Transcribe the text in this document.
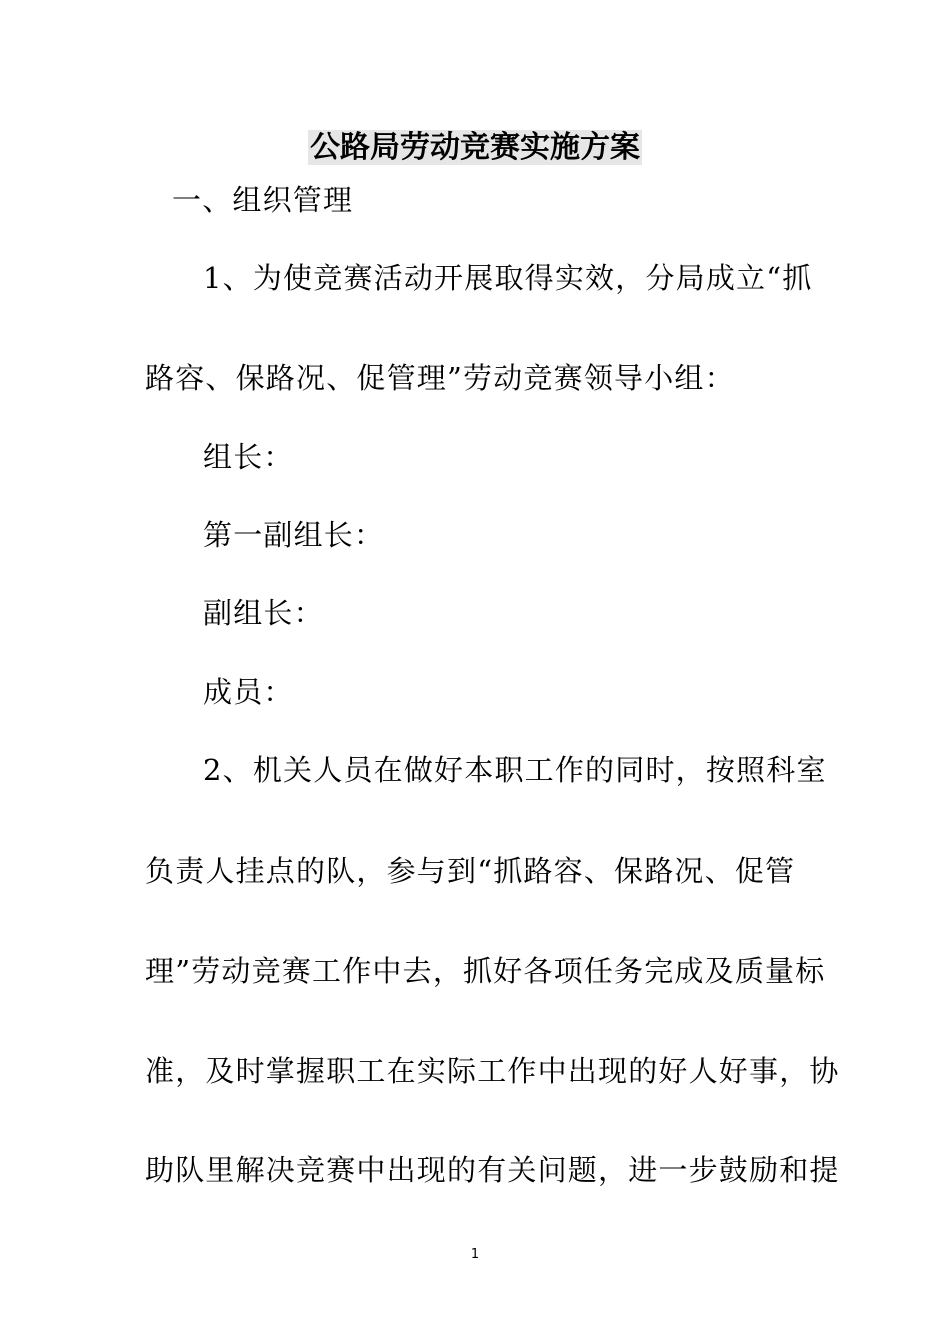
公路局劳动竞赛实施方案
一、组织管理
1、为使竞赛活动开展取得实效，分局成立“抓
路容、保路况、促管理”劳动竞赛领导小组：
组长：
第一副组长：
副组长：
成员：
2、机关人员在做好本职工作的同时，按照科室
负责人挂点的队，参与到“抓路容、保路况、促管
理”劳动竞赛工作中去，抓好各项任务完成及质量标
准，及时掌握职工在实际工作中出现的好人好事，协
助队里解决竞赛中出现的有关问题，进一步鼓励和提
1
